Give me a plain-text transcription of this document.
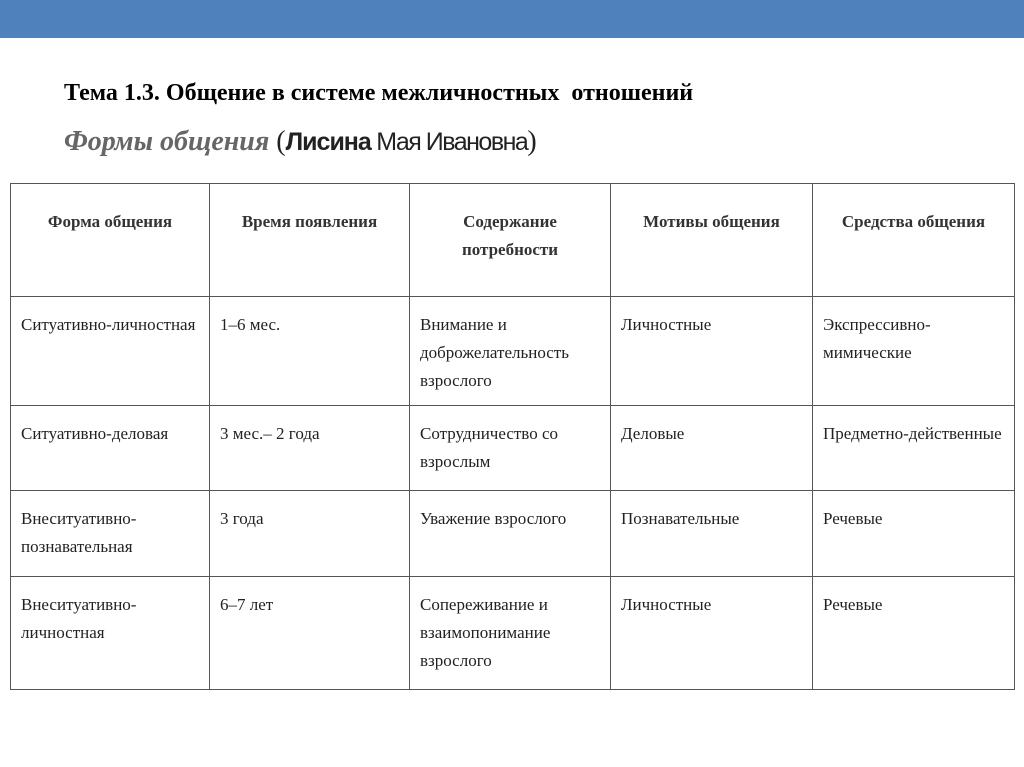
Тема 1.3. Общение в системе межличностных  отношений
Формы общения (Лисина Мая Ивановна)
Форма общения	Время появления	Содержание потребности	Мотивы общения	Средства общения
Ситуативно-личностная	1–6 мес.	Внимание и доброжелательность взрослого	Личностные	Экспрессивно-мимические
Ситуативно-деловая	3 мес.– 2 года	Сотрудничество со взрослым	Деловые	Предметно-действенные
Внеситуативно-познавательная	3 года	Уважение взрослого	Познавательные	Речевые
Внеситуативно-личностная	6–7 лет	Сопереживание и взаимопонимание взрослого	Личностные	Речевые
